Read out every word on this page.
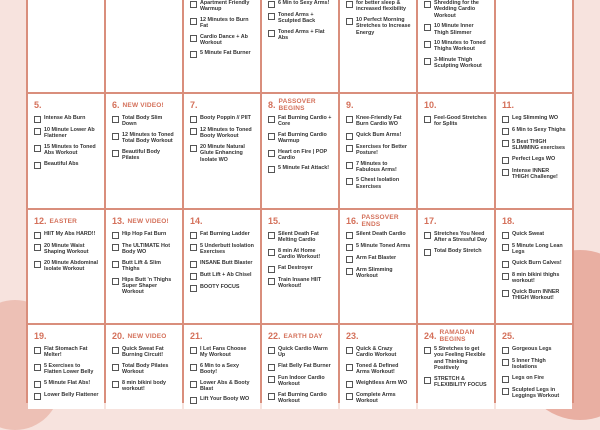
Apartment Friendly Warmup
12 Minutes to Burn Fat
Cardio Dance + Ab Workout
5 Minute Fat Burner
6 Min to Sexy Arms!
Toned Arms + Sculpted Back
Toned Arms + Flat Abs
for better sleep & increased flexibility
10 Perfect Morning Stretches to Increase Energy
Shredding for the Wedding Cardio Workout
10 Minute Inner Thigh Slimmer
10 Minutes to Toned Thighs Workout
3-Minute Thigh Sculpting Workout
5.
Intense Ab Burn
10 Minute Lower Ab Flattener
15 Minutes to Toned Abs Workout
Beautiful Abs
6. NEW VIDEO!
Total Body Slim Down
12 Minutes to Toned Total Body Workout
Beautiful Body Pilates
7.
Booty Poppin // PIIT
12 Minutes to Toned Booty Workout
20 Minute Natural Glute Enhancing Isolate WO
8. PASSOVER BEGINS
Fat Burning Cardio + Core
Fat Burning Cardio Warmup
Heart on Fire | POP Cardio
5 Minute Fat Attack!
9.
Knee-Friendly Fat Burn Cardio WO
Quick Bum Arms!
Exercises for Better Posture!
7 Minutes to Fabulous Arms!
5 Chest Isolation Exercises
10.
Feel-Good Stretches for Splits
11.
Leg Slimming WO
6 Min to Sexy Thighs
5 Best THIGH SLIMMING exercises
Perfect Legs WO
Intense INNER THIGH Challenge!
12. EASTER
HIIT My Abs HARD!!
20 Minute Waist Shaping Workout
20 Minute Abdominal Isolate Workout
13. NEW VIDEO!
Hip Hop Fat Burn
The ULTIMATE Hot Body WO
Butt Lift & Slim Thighs
Hips Butt 'n Thighs Super Shaper Workout
14.
Fat Burning Ladder
5 Underbutt Isolation Exercises
INSANE Butt Blaster
Butt Lift + Ab Chisel
BOOTY FOCUS
15.
Silent Death Fat Melting Cardio
8 min At Home Cardio Workout!
Fat Destroyer
Train Insane HIIT Workout!
16. PASSOVER ENDS
Silent Death Cardio
5 Minute Toned Arms
Arm Fat Blaster
Arm Slimming Workout
17.
Stretches You Need After a Stressful Day
Total Body Stretch
18.
Quick Sweat
5 Minute Long Lean Legs
Quick Burn Calves!
8 min bikini thighs workout!
Quick Burn INNER THIGH Workout!
19.
Flat Stomach Fat Melter!
5 Exercises to Flatten Lower Belly
5 Minute Flat Abs!
Lower Belly Flattener
20. NEW VIDEO
Quick Sweat Fat Burning Circuit!
Total Body Pilates Workout
8 min bikini body workout!
21.
I Let Fans Choose My Workout
6 Min to a Sexy Booty!
Lower Abs & Booty Blast
Lift Your Booty WO
22. EARTH DAY
Quick Cardio Warm Up
Flat Belly Fat Burner
Fun Indoor Cardio Workout
Fat Burning Cardio Workout
23.
Quick & Crazy Cardio Workout
Toned & Defined Arms Workout!
Weightless Arm WO
Complete Arms Workout
24. RAMADAN BEGINS
5 Stretches to get you Feeling Flexible and Thinking Positively
STRETCH & FLEXIBILITY FOCUS
25.
Gorgeous Legs
5 Inner Thigh Isolations
Legs on Fire
Sculpted Legs in Leggings Workout
